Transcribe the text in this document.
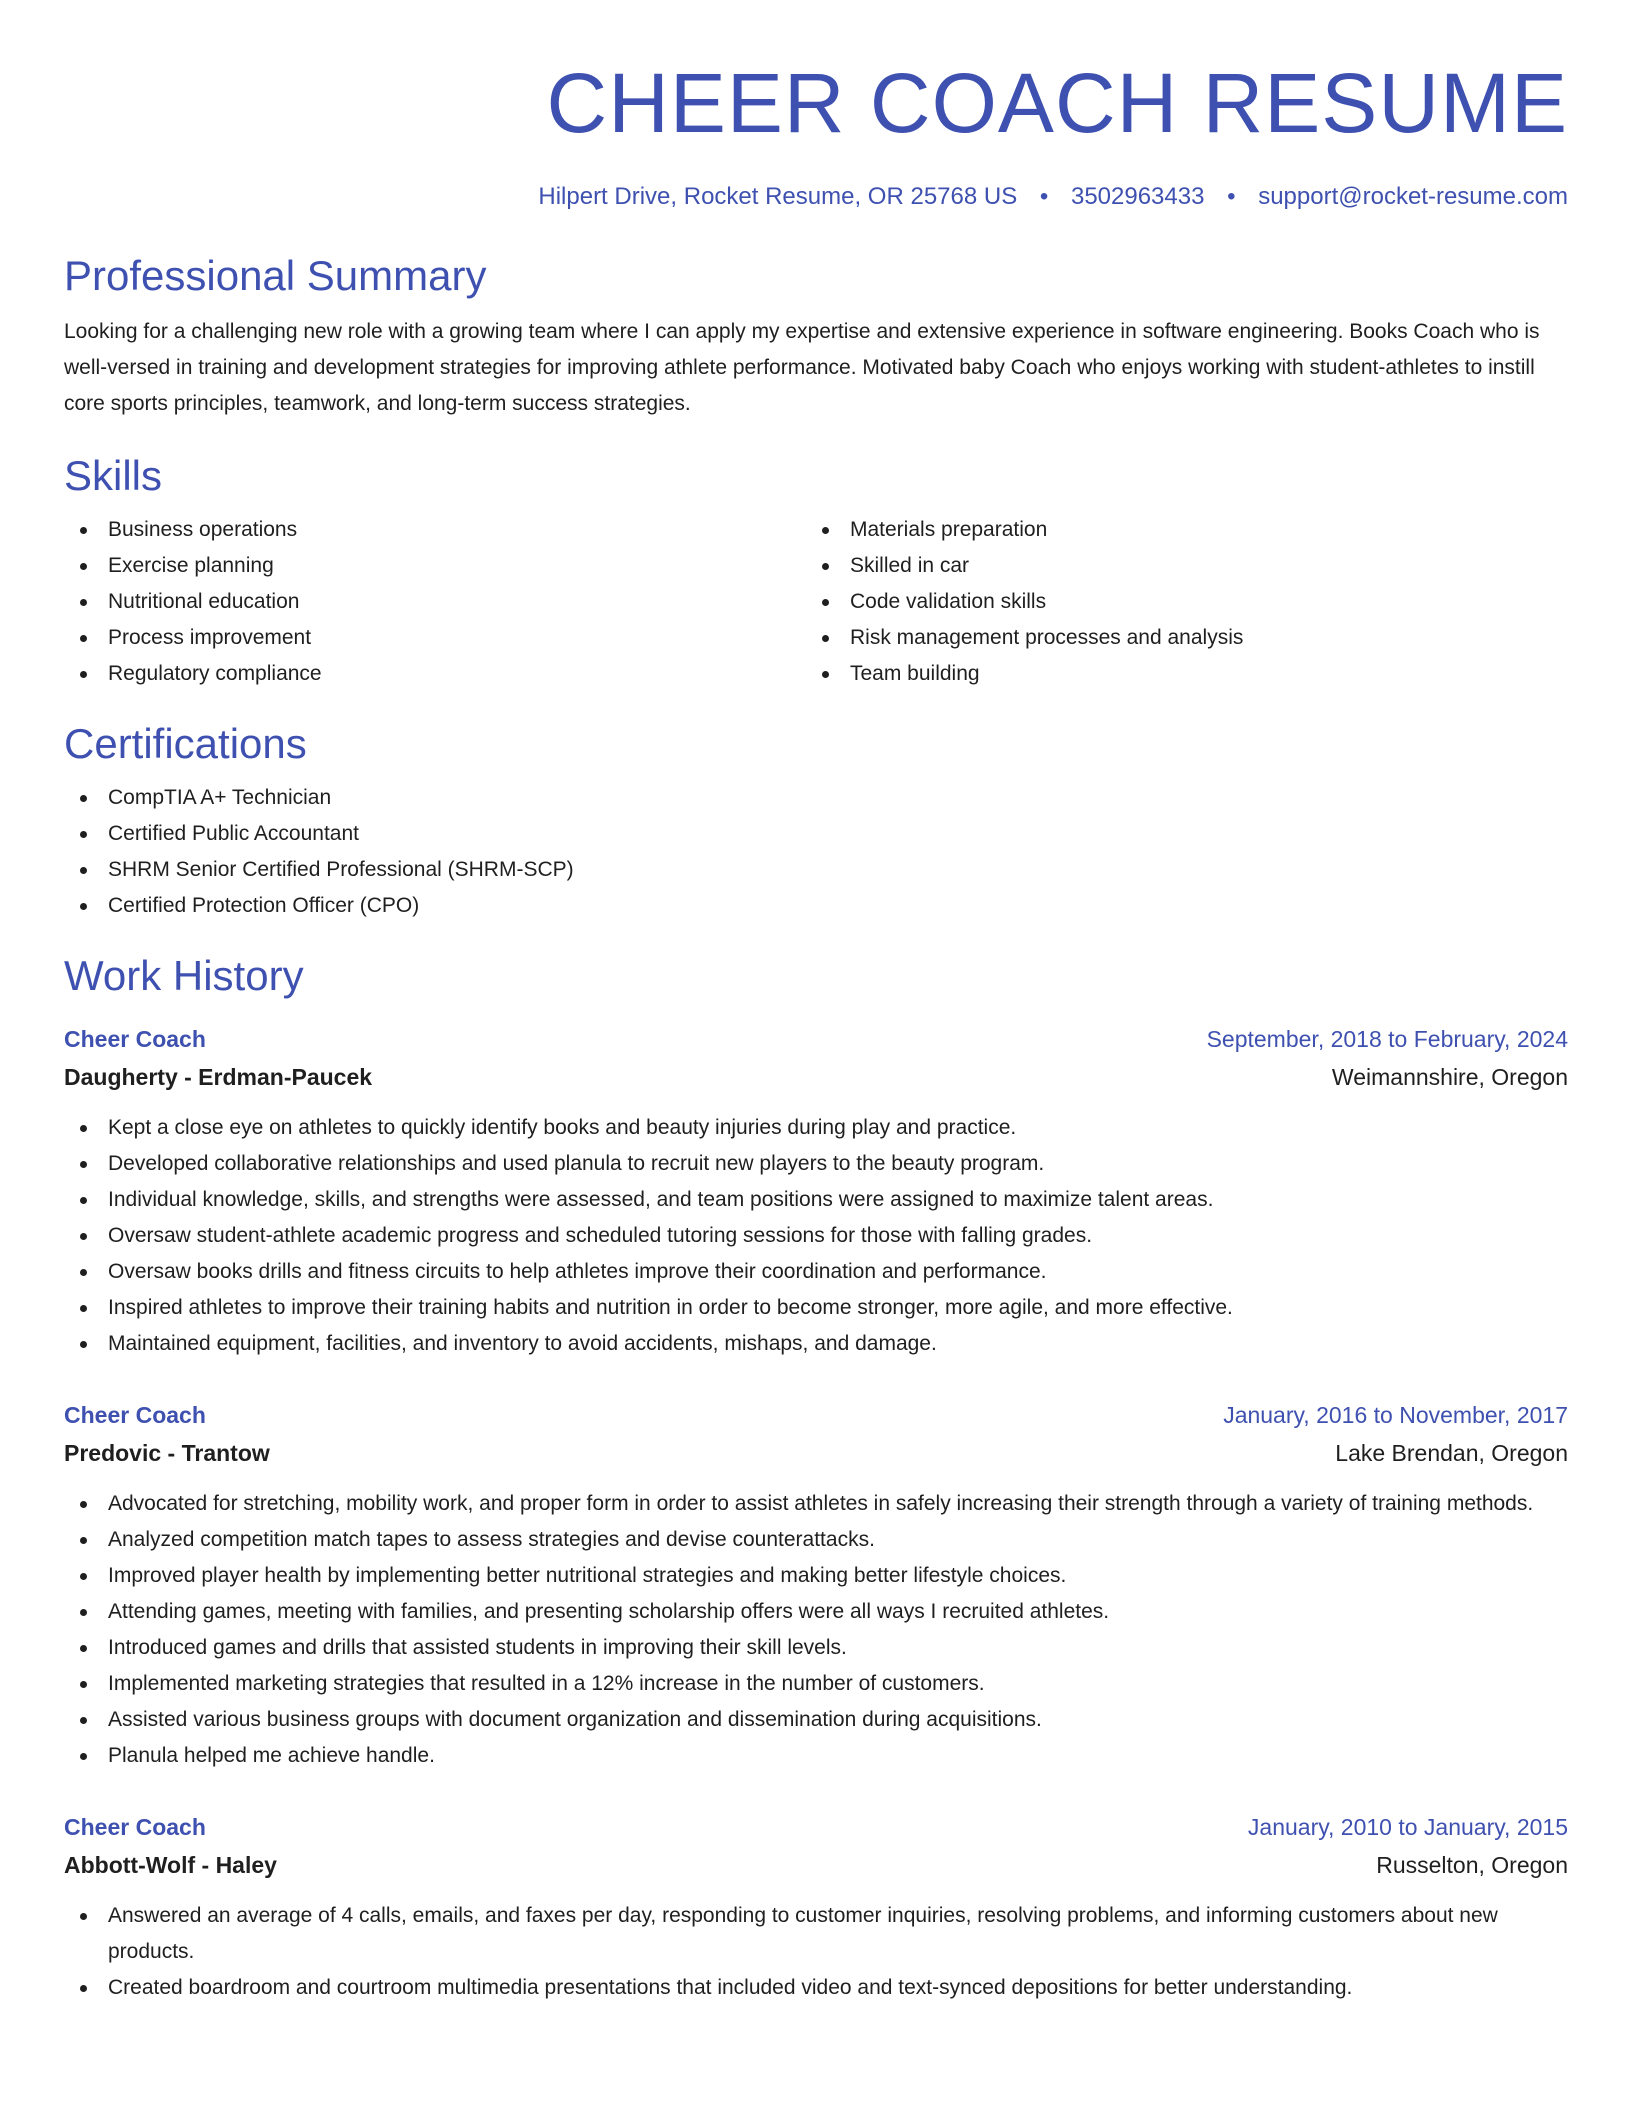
CHEER COACH RESUME
Hilpert Drive, Rocket Resume, OR 25768 US • 3502963433 • support@rocket-resume.com
Professional Summary

Looking for a challenging new role with a growing team where I can apply my expertise and extensive experience in software engineering. Books Coach who is well-versed in training and development strategies for improving athlete performance. Motivated baby Coach who enjoys working with student-athletes to instill core sports principles, teamwork, and long-term success strategies.

Skills
Business operations
Exercise planning
Nutritional education
Process improvement
Regulatory compliance
Materials preparation
Skilled in car
Code validation skills
Risk management processes and analysis
Team building
Certifications
CompTIA A+ Technician
Certified Public Accountant
SHRM Senior Certified Professional (SHRM-SCP)
Certified Protection Officer (CPO)
Work History
Cheer Coach	September, 2018 to February, 2024
Daugherty - Erdman-Paucek	Weimannshire, Oregon
Kept a close eye on athletes to quickly identify books and beauty injuries during play and practice.
Developed collaborative relationships and used planula to recruit new players to the beauty program.
Individual knowledge, skills, and strengths were assessed, and team positions were assigned to maximize talent areas.
Oversaw student-athlete academic progress and scheduled tutoring sessions for those with falling grades.
Oversaw books drills and fitness circuits to help athletes improve their coordination and performance.
Inspired athletes to improve their training habits and nutrition in order to become stronger, more agile, and more effective.
Maintained equipment, facilities, and inventory to avoid accidents, mishaps, and damage.
Cheer Coach	January, 2016 to November, 2017
Predovic - Trantow	Lake Brendan, Oregon
Advocated for stretching, mobility work, and proper form in order to assist athletes in safely increasing their strength through a variety of training methods.
Analyzed competition match tapes to assess strategies and devise counterattacks.
Improved player health by implementing better nutritional strategies and making better lifestyle choices.
Attending games, meeting with families, and presenting scholarship offers were all ways I recruited athletes.
Introduced games and drills that assisted students in improving their skill levels.
Implemented marketing strategies that resulted in a 12% increase in the number of customers.
Assisted various business groups with document organization and dissemination during acquisitions.
Planula helped me achieve handle.
Cheer Coach	January, 2010 to January, 2015
Abbott-Wolf - Haley	Russelton, Oregon
Answered an average of 4 calls, emails, and faxes per day, responding to customer inquiries, resolving problems, and informing customers about new products.
Created boardroom and courtroom multimedia presentations that included video and text-synced depositions for better understanding.
